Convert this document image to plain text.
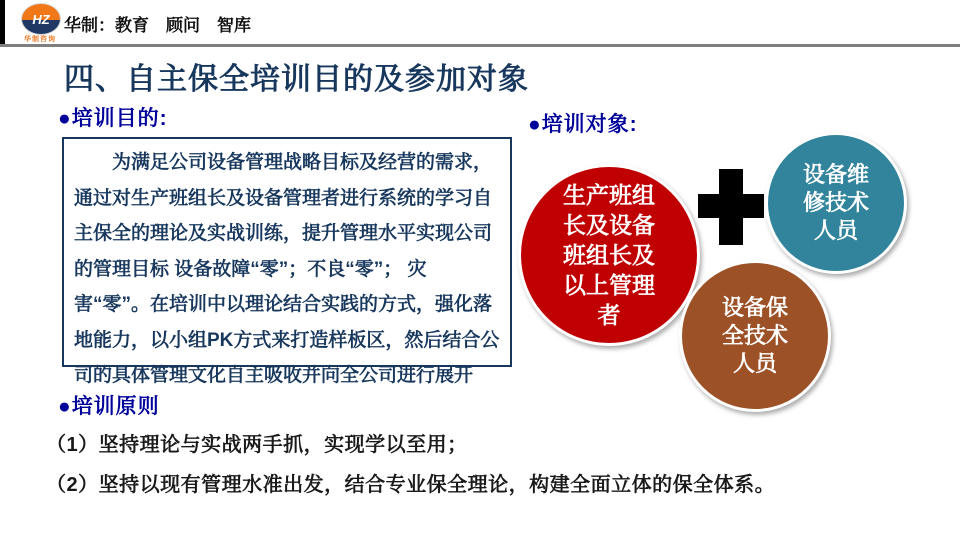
HZ
华制咨询
华制：教育　顾问　智库
四、自主保全培训目的及参加对象
●培训目的:
为满足公司设备管理战略目标及经营的需求，通过对生产班组长及设备管理者进行系统的学习自主保全的理论及实战训练，提升管理水平实现公司的管理目标 设备故障“零”；不良“零”； 灾害“零”。在培训中以理论结合实践的方式，强化落地能力，以小组PK方式来打造样板区，然后结合公司的具体管理文化自主吸收并向全公司进行展开
●培训对象:
生产班组长及设备班组长及以上管理者
设备维修技术人员
设备保全技术人员
●培训原则
（1）坚持理论与实战两手抓，实现学以至用；
（2）坚持以现有管理水准出发，结合专业保全理论，构建全面立体的保全体系。
